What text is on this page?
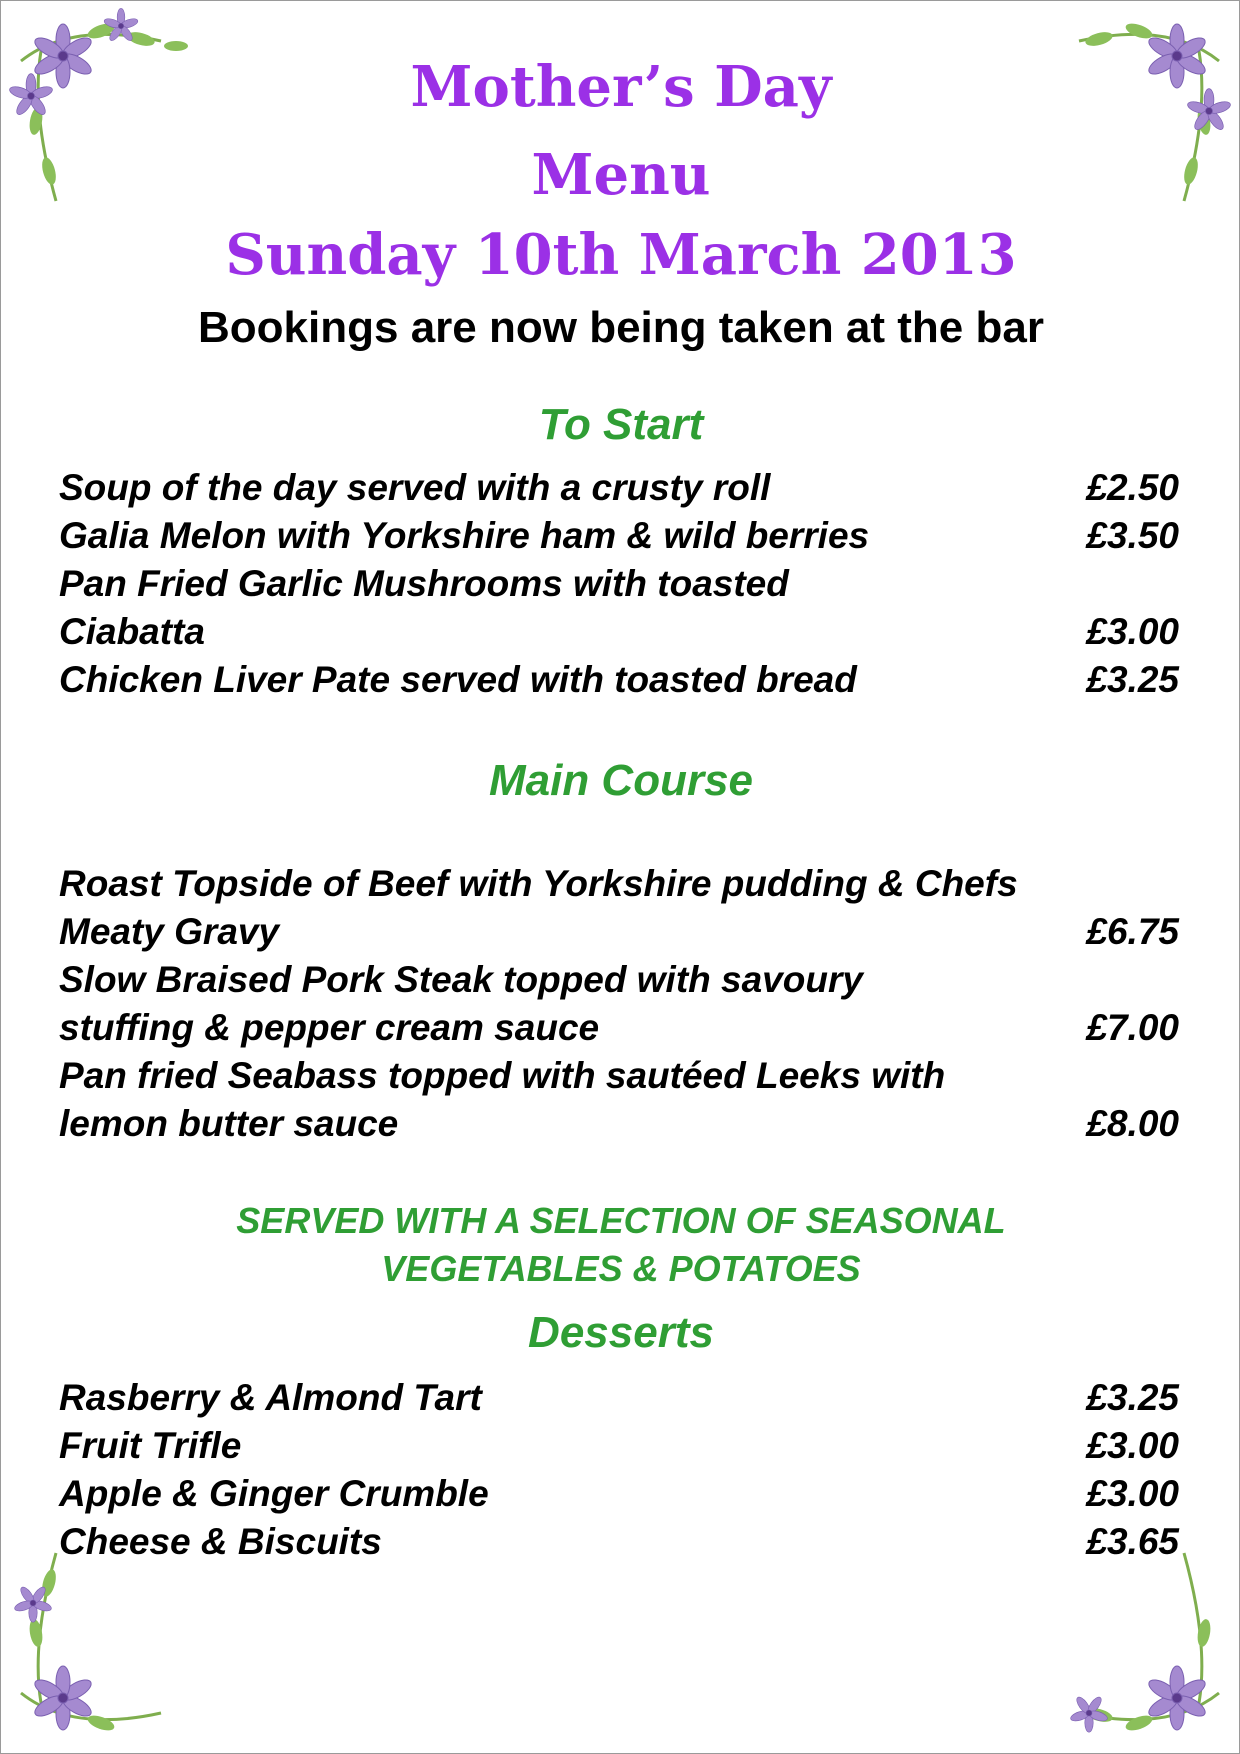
Mother’s Day
Menu
Sunday 10th March 2013
Bookings are now being taken at the bar
To Start
Soup of the day served with a crusty roll	£2.50
Galia Melon with Yorkshire ham & wild berries	£3.50
Pan Fried Garlic Mushrooms with toasted Ciabatta	£3.00
Chicken Liver Pate served with toasted bread	£3.25
Main Course
Roast Topside of Beef with Yorkshire pudding & Chefs Meaty Gravy	£6.75
Slow Braised Pork Steak topped with savoury stuffing & pepper cream sauce	£7.00
Pan fried Seabass topped with sautéed Leeks with lemon butter sauce	£8.00
SERVED WITH A SELECTION OF SEASONAL
VEGETABLES & POTATOES
Desserts
Rasberry & Almond Tart	£3.25
Fruit Trifle	£3.00
Apple & Ginger Crumble	£3.00
Cheese & Biscuits	£3.65
